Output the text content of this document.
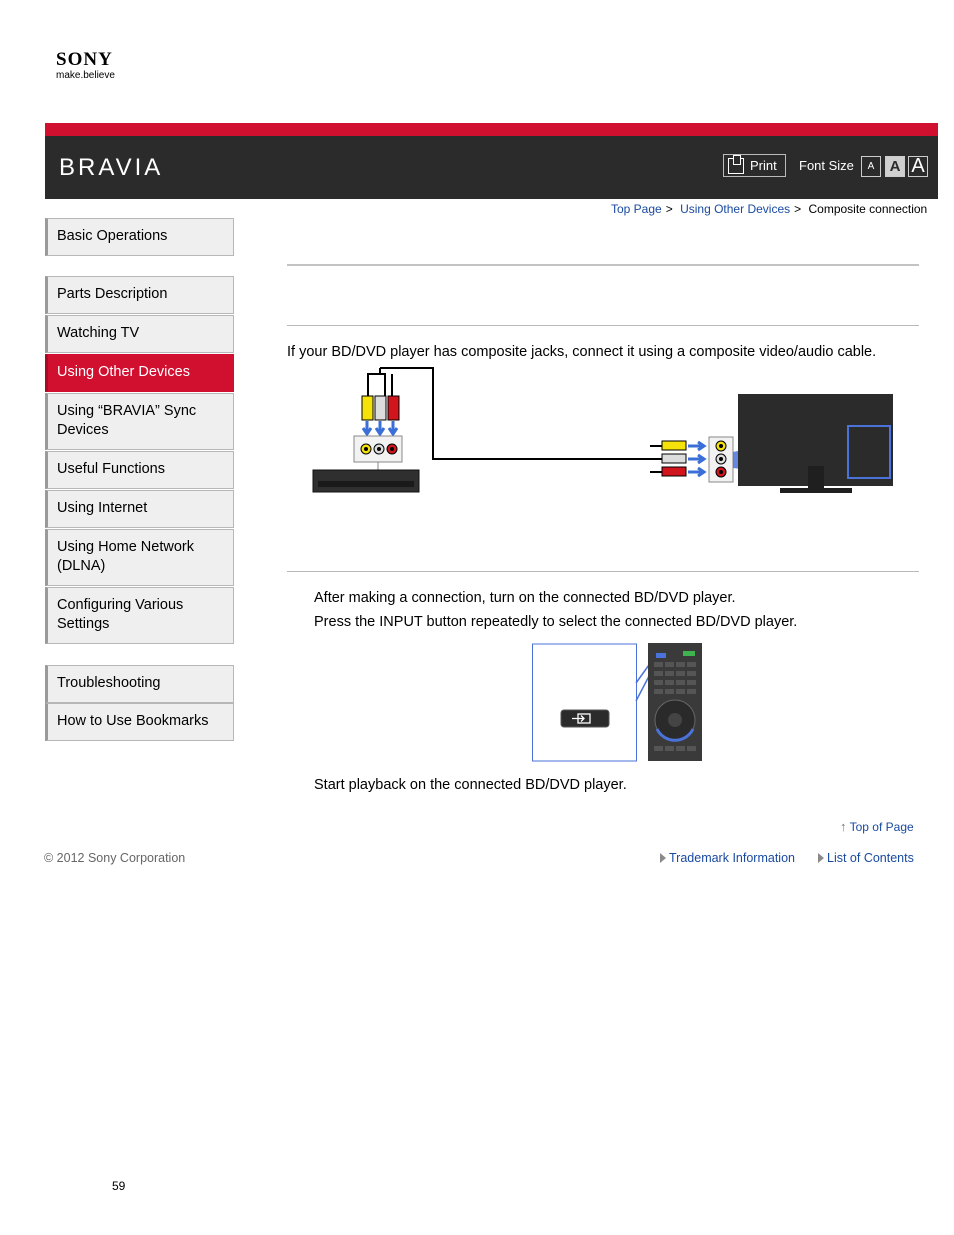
SONY
make.believe
BRAVIA	Print Font Size	A	A A
Top Page > Using Other Devices > Composite connection
Basic Operations
Parts Description
Watching TV
Using Other Devices
Using “BRAVIA” Sync Devices
Useful Functions
Using Internet
Using Home Network (DLNA)
Configuring Various Settings
Troubleshooting
How to Use Bookmarks
If your BD/DVD player has composite jacks, connect it using a composite video/audio cable.
After making a connection, turn on the connected BD/DVD player.
Press the INPUT button repeatedly to select the connected BD/DVD player.
Start playback on the connected BD/DVD player.
↑ Top of Page
© 2012 Sony Corporation	Trademark Information	List of Contents
59
